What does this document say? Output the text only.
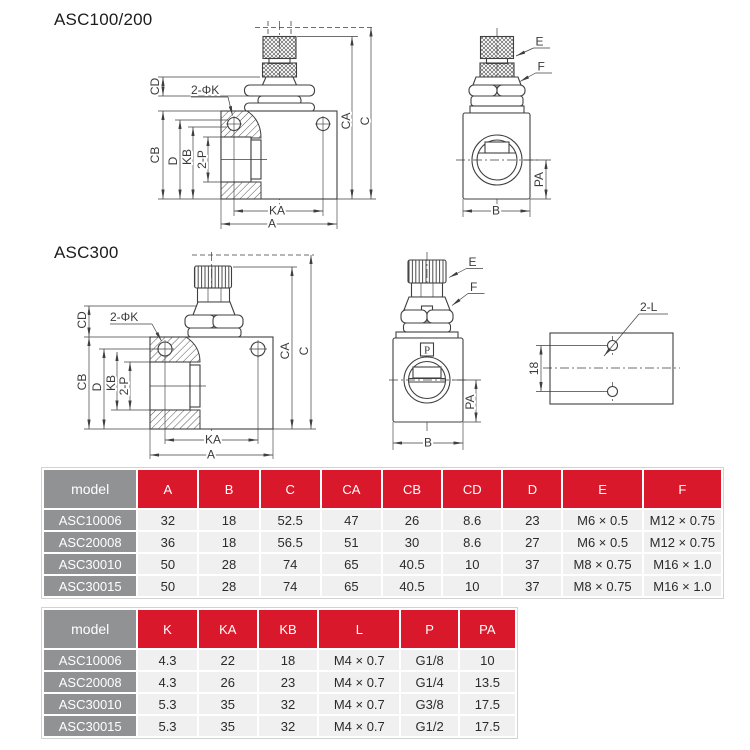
ASC100/200
ASC300
CD
CB D KB 2-P
2-ΦK
KA
A
CA C
E
F
B
PA
CD
CB D KB 2-P
2-ΦK
KA
A
CA C	P
E
F
B
PA
2-L
18
model	A	B	C	CA	CB	CD	D	E	F
ASC10006	32	18	52.5	47	26	8.6	23	M6 × 0.5	M12 × 0.75
ASC20008	36	18	56.5	51	30	8.6	27	M6 × 0.5	M12 × 0.75
ASC30010	50	28	74	65	40.5	10	37	M8 × 0.75	M16 × 1.0
ASC30015	50	28	74	65	40.5	10	37	M8 × 0.75	M16 × 1.0
model	K	KA	KB	L	P	PA
ASC10006	4.3	22	18	M4 × 0.7	G1/8	10
ASC20008	4.3	26	23	M4 × 0.7	G1/4	13.5
ASC30010	5.3	35	32	M4 × 0.7	G3/8	17.5
ASC30015	5.3	35	32	M4 × 0.7	G1/2	17.5
